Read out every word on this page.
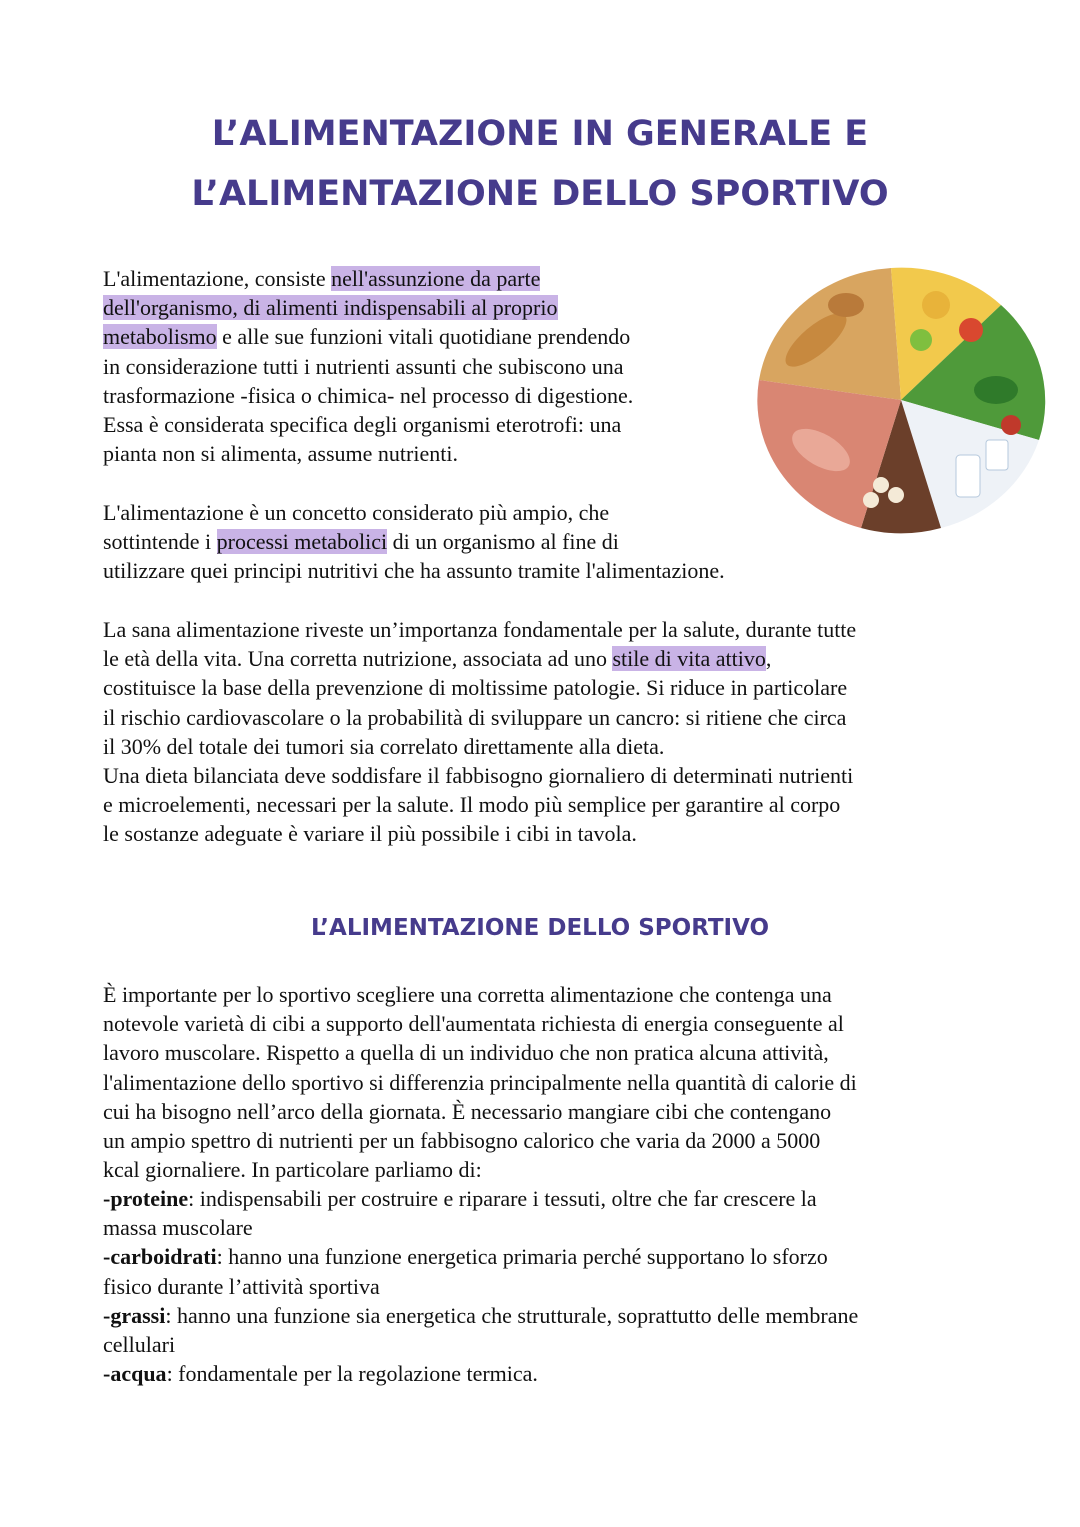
L’ALIMENTAZIONE IN GENERALE E
L’ALIMENTAZIONE DELLO SPORTIVO

L'alimentazione, consiste nell'assunzione da parte
dell'organismo, di alimenti indispensabili al proprio
metabolismo e alle sue funzioni vitali quotidiane prendendo
in considerazione tutti i nutrienti assunti che subiscono una
trasformazione -fisica o chimica- nel processo di digestione.
Essa è considerata specifica degli organismi eterotrofi: una
pianta non si alimenta, assume nutrienti.

L'alimentazione è un concetto considerato più ampio, che
sottintende i processi metabolici di un organismo al fine di
utilizzare quei principi nutritivi che ha assunto tramite l'alimentazione.

La sana alimentazione riveste un’importanza fondamentale per la salute, durante tutte
le età della vita. Una corretta nutrizione, associata ad uno stile di vita attivo,
costituisce la base della prevenzione di moltissime patologie. Si riduce in particolare
il rischio cardiovascolare o la probabilità di sviluppare un cancro: si ritiene che circa
il 30% del totale dei tumori sia correlato direttamente alla dieta.
Una dieta bilanciata deve soddisfare il fabbisogno giornaliero di determinati nutrienti
e microelementi, necessari per la salute. Il modo più semplice per garantire al corpo
le sostanze adeguate è variare il più possibile i cibi in tavola.

L’ALIMENTAZIONE DELLO SPORTIVO

È importante per lo sportivo scegliere una corretta alimentazione che contenga una
notevole varietà di cibi a supporto dell'aumentata richiesta di energia conseguente al
lavoro muscolare. Rispetto a quella di un individuo che non pratica alcuna attività,
l'alimentazione dello sportivo si differenzia principalmente nella quantità di calorie di
cui ha bisogno nell’arco della giornata. È necessario mangiare cibi che contengano
un ampio spettro di nutrienti per un fabbisogno calorico che varia da 2000 a 5000
kcal giornaliere. In particolare parliamo di:

-proteine: indispensabili per costruire e riparare i tessuti, oltre che far crescere la
massa muscolare
-carboidrati: hanno una funzione energetica primaria perché supportano lo sforzo
fisico durante l’attività sportiva
-grassi: hanno una funzione sia energetica che strutturale, soprattutto delle membrane
cellulari
-acqua: fondamentale per la regolazione termica.
